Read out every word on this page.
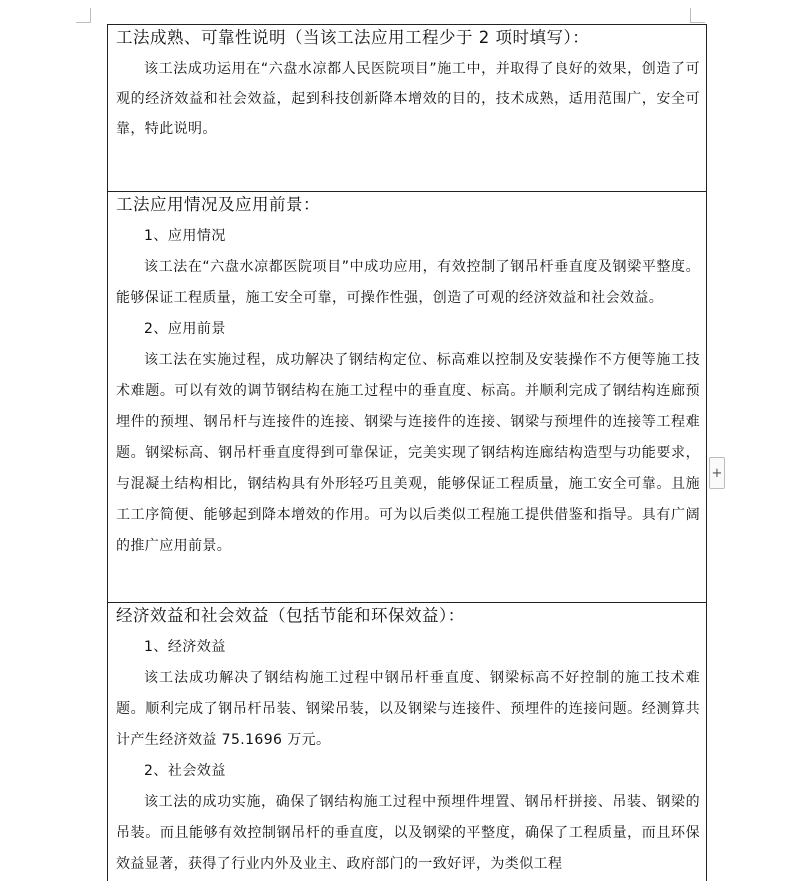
工法成熟、可靠性说明（当该工法应用工程少于 2 项时填写）：

该工法成功运用在“六盘水凉都人民医院项目”施工中，并取得了良好的效果，创造了可观的经济效益和社会效益，起到科技创新降本增效的目的，技术成熟，适用范围广，安全可靠，特此说明。

工法应用情况及应用前景：

1、应用情况

该工法在“六盘水凉都医院项目”中成功应用，有效控制了钢吊杆垂直度及钢梁平整度。能够保证工程质量，施工安全可靠，可操作性强，创造了可观的经济效益和社会效益。

2、应用前景

该工法在实施过程，成功解决了钢结构定位、标高难以控制及安装操作不方便等施工技术难题。可以有效的调节钢结构在施工过程中的垂直度、标高。并顺利完成了钢结构连廊预埋件的预埋、钢吊杆与连接件的连接、钢梁与连接件的连接、钢梁与预埋件的连接等工程难题。钢梁标高、钢吊杆垂直度得到可靠保证，完美实现了钢结构连廊结构造型与功能要求，与混凝土结构相比，钢结构具有外形轻巧且美观，能够保证工程质量，施工安全可靠。且施工工序简便、能够起到降本增效的作用。可为以后类似工程施工提供借鉴和指导。具有广阔的推广应用前景。

经济效益和社会效益（包括节能和环保效益）：

1、经济效益

该工法成功解决了钢结构施工过程中钢吊杆垂直度、钢梁标高不好控制的施工技术难题。顺利完成了钢吊杆吊装、钢梁吊装，以及钢梁与连接件、预埋件的连接问题。经测算共计产生经济效益 75.1696 万元。

2、社会效益

该工法的成功实施，确保了钢结构施工过程中预埋件埋置、钢吊杆拼接、吊装、钢梁的吊装。而且能够有效控制钢吊杆的垂直度，以及钢梁的平整度，确保了工程质量，而且环保效益显著，获得了行业内外及业主、政府部门的一致好评，为类似工程

+
